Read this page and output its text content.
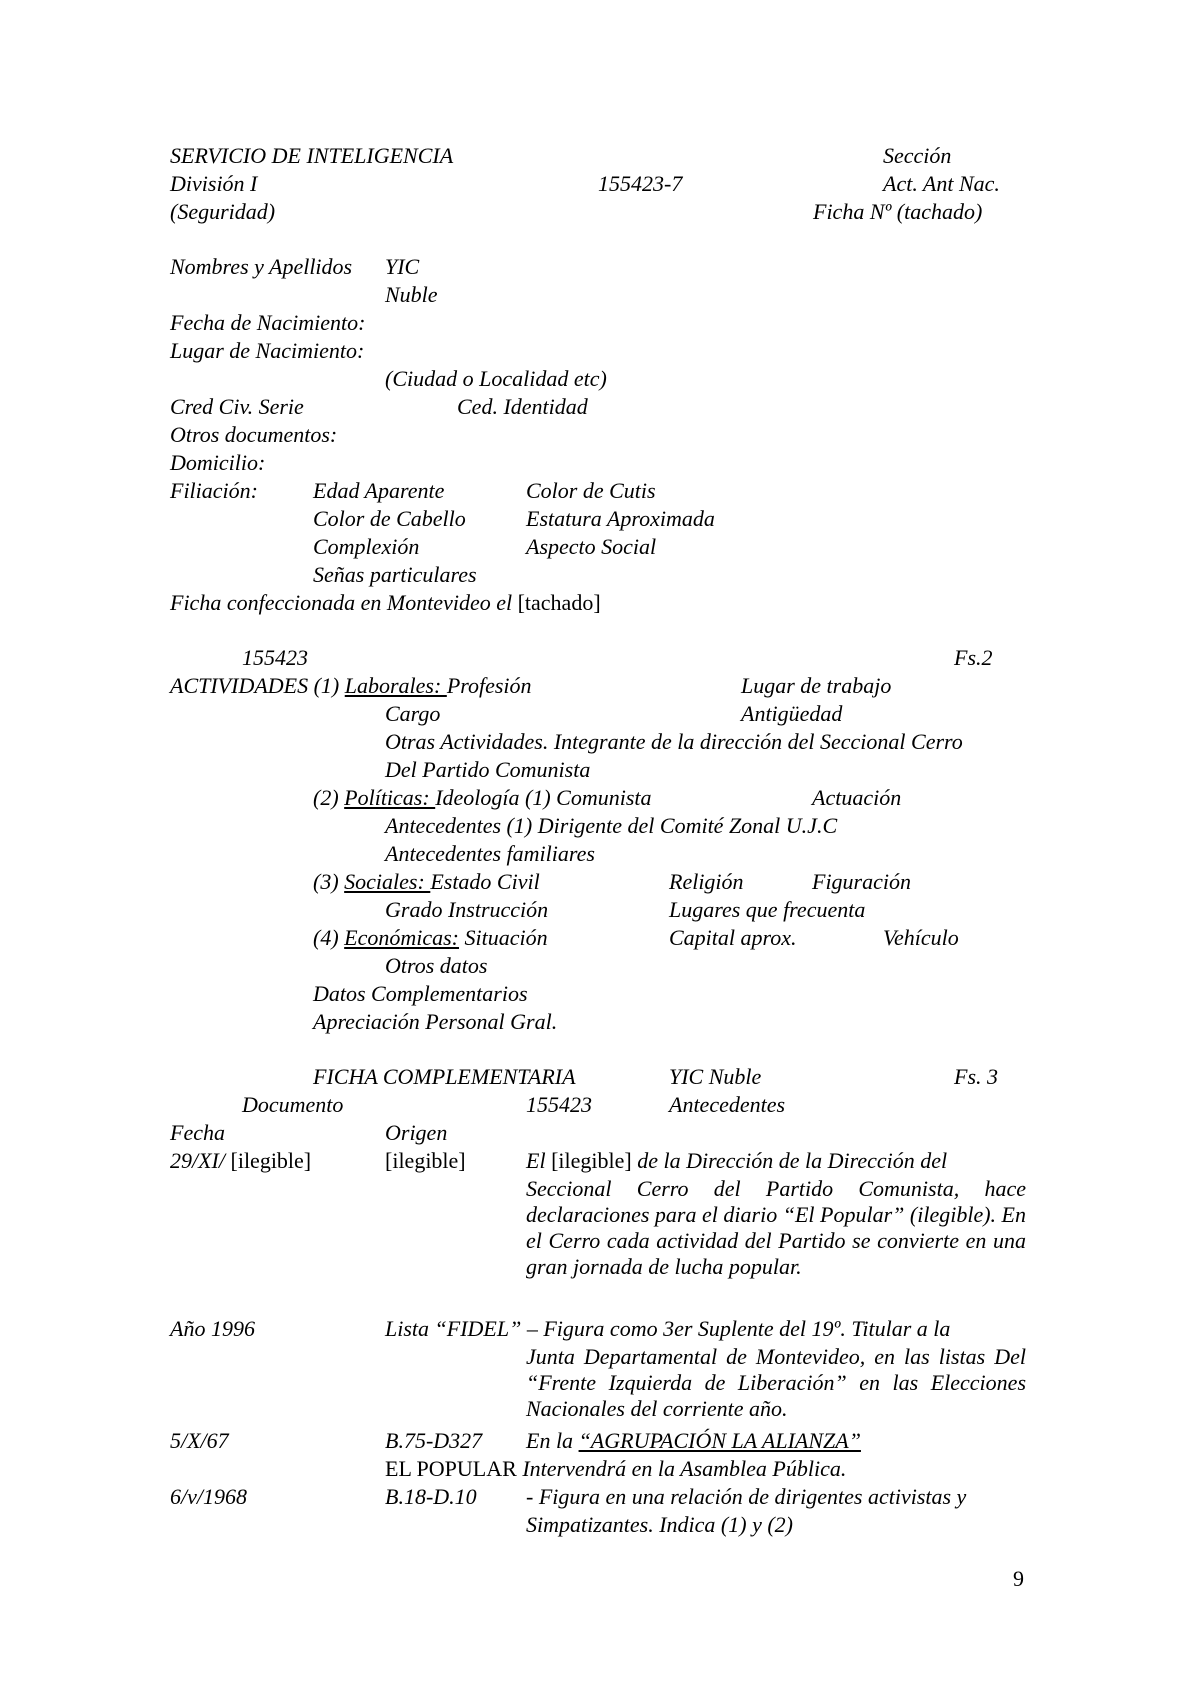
SERVICIO DE INTELIGENCIA	Sección
División I	155423-7	Act. Ant Nac.
(Seguridad)	Ficha Nº (tachado)
Nombres y Apellidos YIC
Nuble
Fecha de Nacimiento:
Lugar de Nacimiento:
(Ciudad o Localidad etc)
Cred Civ. Serie	Ced. Identidad
Otros documentos:
Domicilio:
Filiación:	Edad Aparente	Color de Cutis
Color de Cabello	Estatura Aproximada
Complexión	Aspecto Social
Señas particulares
Ficha confeccionada en Montevideo el [tachado]
155423	Fs.2
ACTIVIDADES (1) Laborales: Profesión	Lugar de trabajo
Cargo	Antigüedad
Otras Actividades. Integrante de la dirección del Seccional Cerro
Del Partido Comunista
(2) Políticas: Ideología (1) Comunista	Actuación
Antecedentes (1) Dirigente del Comité Zonal U.J.C
Antecedentes familiares
(3) Sociales: Estado Civil	Religión	Figuración
Grado Instrucción	Lugares que frecuenta
(4) Económicas: Situación	Capital aprox.	Vehículo
Otros datos
Datos Complementarios
Apreciación Personal Gral.
FICHA COMPLEMENTARIA	YIC Nuble	Fs. 3
Documento	155423	Antecedentes
Fecha	Origen
29/XI/ [ilegible]	[ilegible]	El [ilegible] de la Dirección de la Dirección del
Seccional Cerro del Partido Comunista, hace declaraciones para el diario “El Popular” (ilegible). En el Cerro cada actividad del Partido se convierte en una gran jornada de lucha popular.
Año 1996	Lista “FIDEL” – Figura como 3er Suplente del 19º. Titular a la
Junta Departamental de Montevideo, en las listas Del “Frente Izquierda de Liberación” en las Elecciones Nacionales del corriente año.
5/X/67	B.75-D327 En la “AGRUPACIÓN LA ALIANZA”
EL POPULAR Intervendrá en la Asamblea Pública.
6/v/1968	B.18-D.10 - Figura en una relación de dirigentes activistas y
Simpatizantes. Indica (1) y (2)
9
